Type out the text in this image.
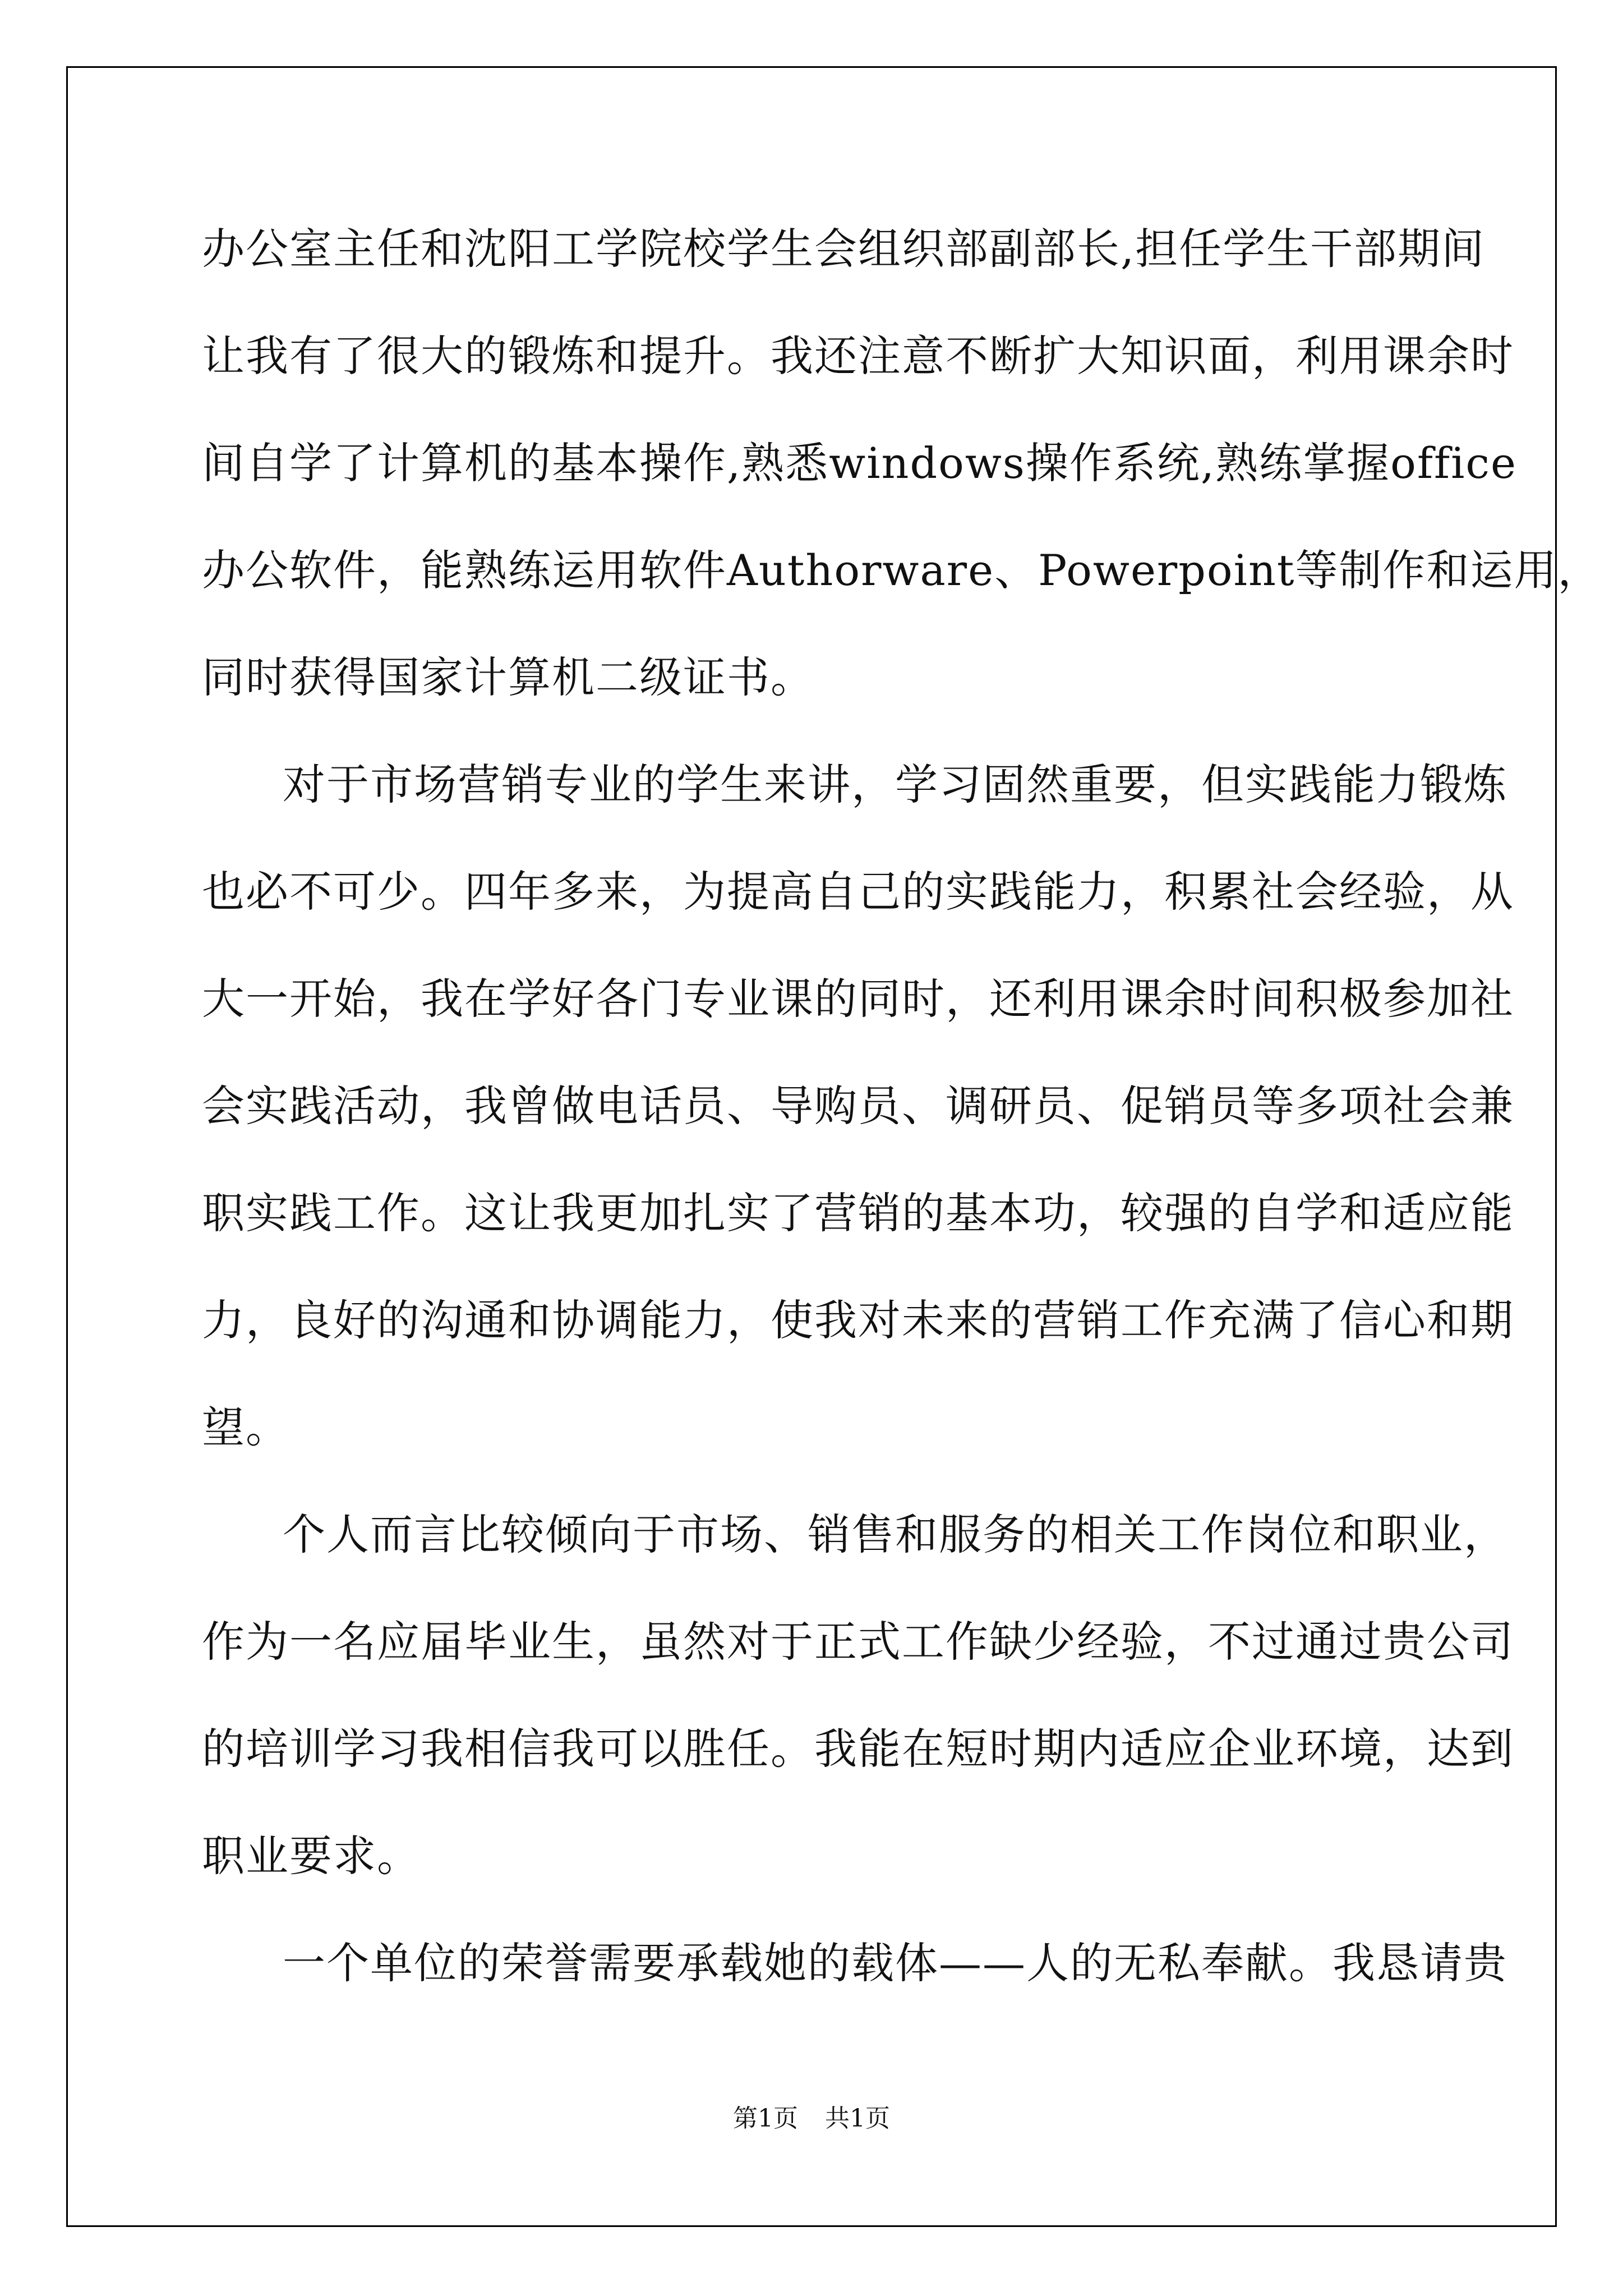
办公室主任和沈阳工学院校学生会组织部副部长,担任学生干部期间
让我有了很大的锻炼和提升。我还注意不断扩大知识面，利用课余时
间自学了计算机的基本操作,熟悉windows操作系统,熟练掌握office
办公软件，能熟练运用软件Authorware、Powerpoint等制作和运用，
同时获得国家计算机二级证书。
对于市场营销专业的学生来讲，学习固然重要，但实践能力锻炼
也必不可少。四年多来，为提高自己的实践能力，积累社会经验，从
大一开始，我在学好各门专业课的同时，还利用课余时间积极参加社
会实践活动，我曾做电话员、导购员、调研员、促销员等多项社会兼
职实践工作。这让我更加扎实了营销的基本功，较强的自学和适应能
力，良好的沟通和协调能力，使我对未来的营销工作充满了信心和期
望。
个人而言比较倾向于市场、销售和服务的相关工作岗位和职业，
作为一名应届毕业生，虽然对于正式工作缺少经验，不过通过贵公司
的培训学习我相信我可以胜任。我能在短时期内适应企业环境，达到
职业要求。
一个单位的荣誉需要承载她的载体——人的无私奉献。我恳请贵
第1页 共1页
